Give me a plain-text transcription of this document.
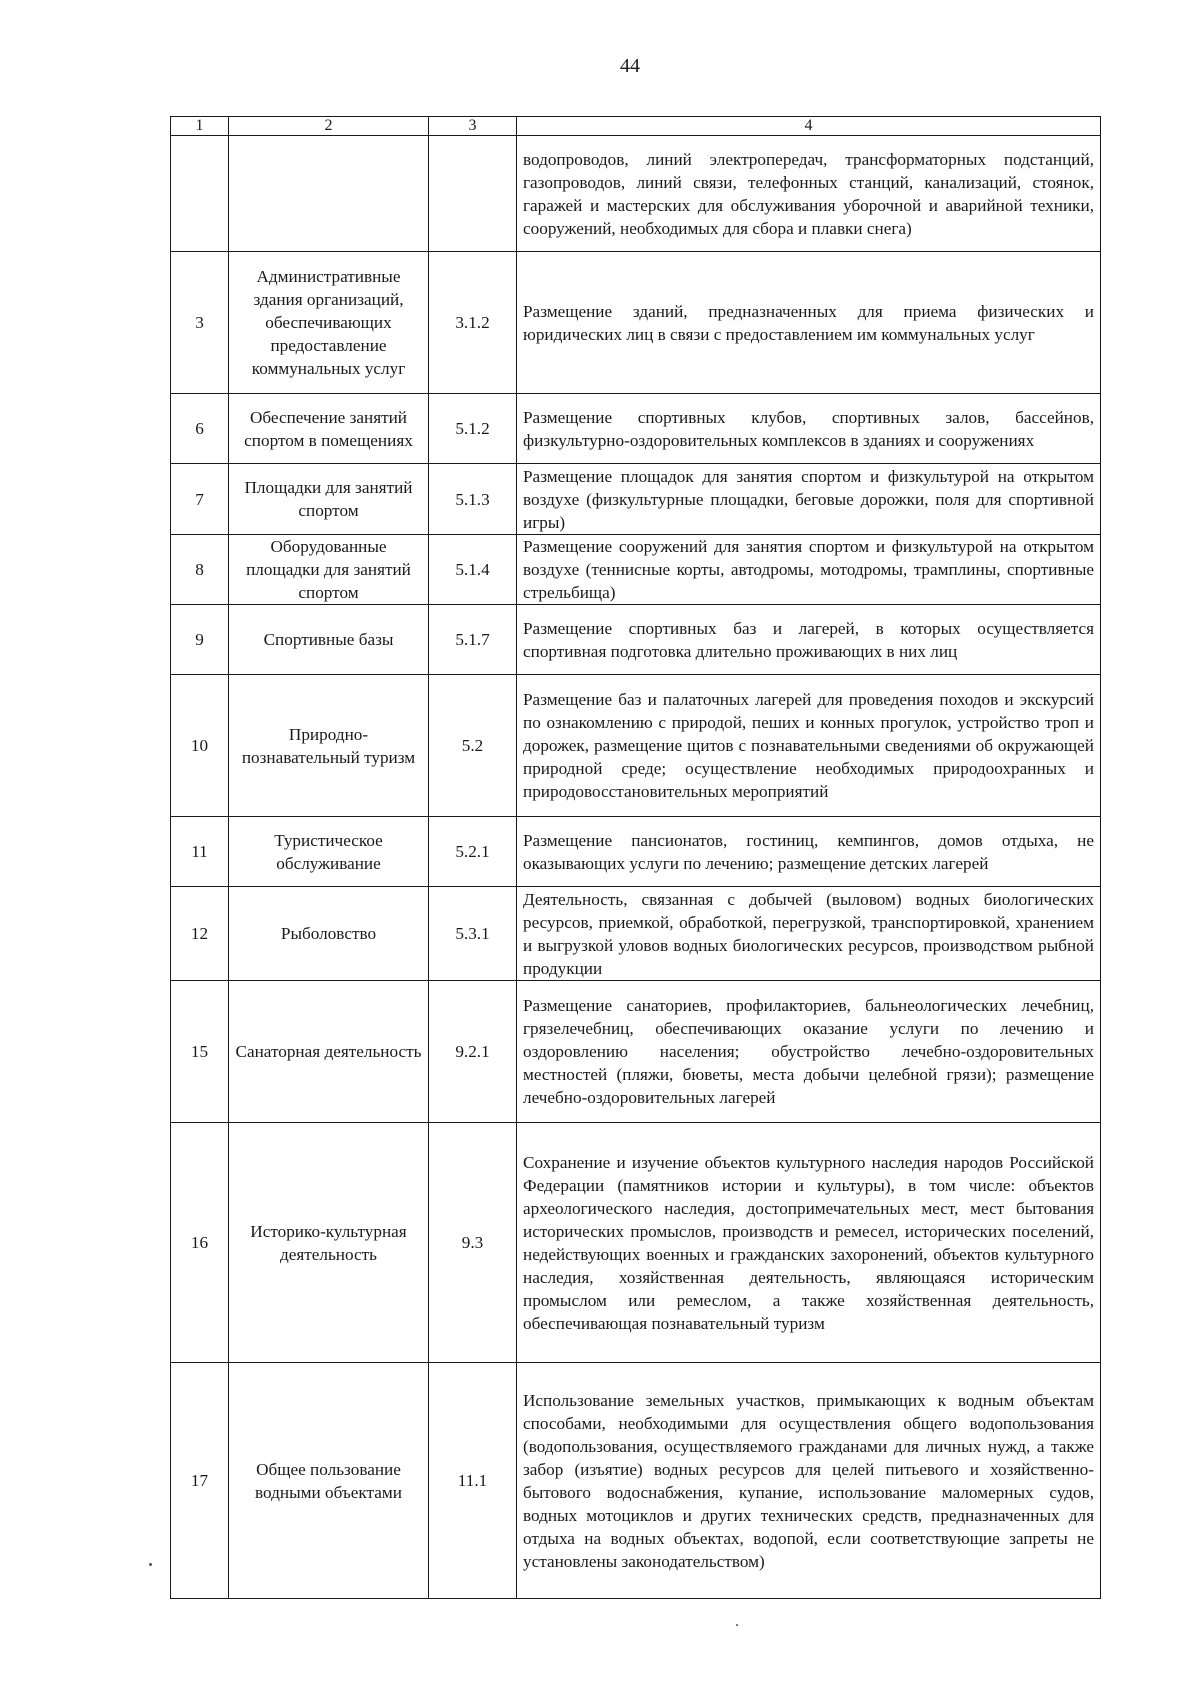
44
1	2	3	4
			водопроводов, линий электропередач, трансформаторных подстанций, газопроводов, линий связи, телефонных станций, канализаций, стоянок, гаражей и мастерских для обслуживания уборочной и аварийной техники, сооружений, необходимых для сбора и плавки снега)
3	Административные здания организаций, обеспечивающих предоставление коммунальных услуг	3.1.2	Размещение зданий, предназначенных для приема физических и юридических лиц в связи с предоставлением им коммунальных услуг
6	Обеспечение занятий спортом в помещениях	5.1.2	Размещение спортивных клубов, спортивных залов, бассейнов, физкультурно-оздоровительных комплексов в зданиях и сооружениях
7	Площадки для занятий спортом	5.1.3	Размещение площадок для занятия спортом и физкультурой на открытом воздухе (физкультурные площадки, беговые дорожки, поля для спортивной игры)
8	Оборудованные площадки для занятий спортом	5.1.4	Размещение сооружений для занятия спортом и физкультурой на открытом воздухе (теннисные корты, автодромы, мотодромы, трамплины, спортивные стрельбища)
9	Спортивные базы	5.1.7	Размещение спортивных баз и лагерей, в которых осуществляется спортивная подготовка длительно проживающих в них лиц
10	Природно-познавательный туризм	5.2	Размещение баз и палаточных лагерей для проведения походов и экскурсий по ознакомлению с природой, пеших и конных прогулок, устройство троп и дорожек, размещение щитов с познавательными сведениями об окружающей природной среде; осуществление необходимых природоохранных и природовосстановительных мероприятий
11	Туристическое обслуживание	5.2.1	Размещение пансионатов, гостиниц, кемпингов, домов отдыха, не оказывающих услуги по лечению; размещение детских лагерей
12	Рыболовство	5.3.1	Деятельность, связанная с добычей (выловом) водных биологических ресурсов, приемкой, обработкой, перегрузкой, транспортировкой, хранением и выгрузкой уловов водных биологических ресурсов, производством рыбной продукции
15	Санаторная деятельность	9.2.1	Размещение санаториев, профилакториев, бальнеологических лечебниц, грязелечебниц, обеспечивающих оказание услуги по лечению и оздоровлению населения; обустройство лечебно-оздоровительных местностей (пляжи, бюветы, места добычи целебной грязи); размещение лечебно-оздоровительных лагерей
16	Историко-культурная деятельность	9.3	Сохранение и изучение объектов культурного наследия народов Российской Федерации (памятников истории и культуры), в том числе: объектов археологического наследия, достопримечательных мест, мест бытования исторических промыслов, производств и ремесел, исторических поселений, недействующих военных и гражданских захоронений, объектов культурного наследия, хозяйственная деятельность, являющаяся историческим промыслом или ремеслом, а также хозяйственная деятельность, обеспечивающая познавательный туризм
17	Общее пользование водными объектами	11.1	Использование земельных участков, примыкающих к водным объектам способами, необходимыми для осуществления общего водопользования (водопользования, осуществляемого гражданами для личных нужд, а также забор (изъятие) водных ресурсов для целей питьевого и хозяйственно-бытового водоснабжения, купание, использование маломерных судов, водных мотоциклов и других технических средств, предназначенных для отдыха на водных объектах, водопой, если соответствующие запреты не установлены законодательством)
